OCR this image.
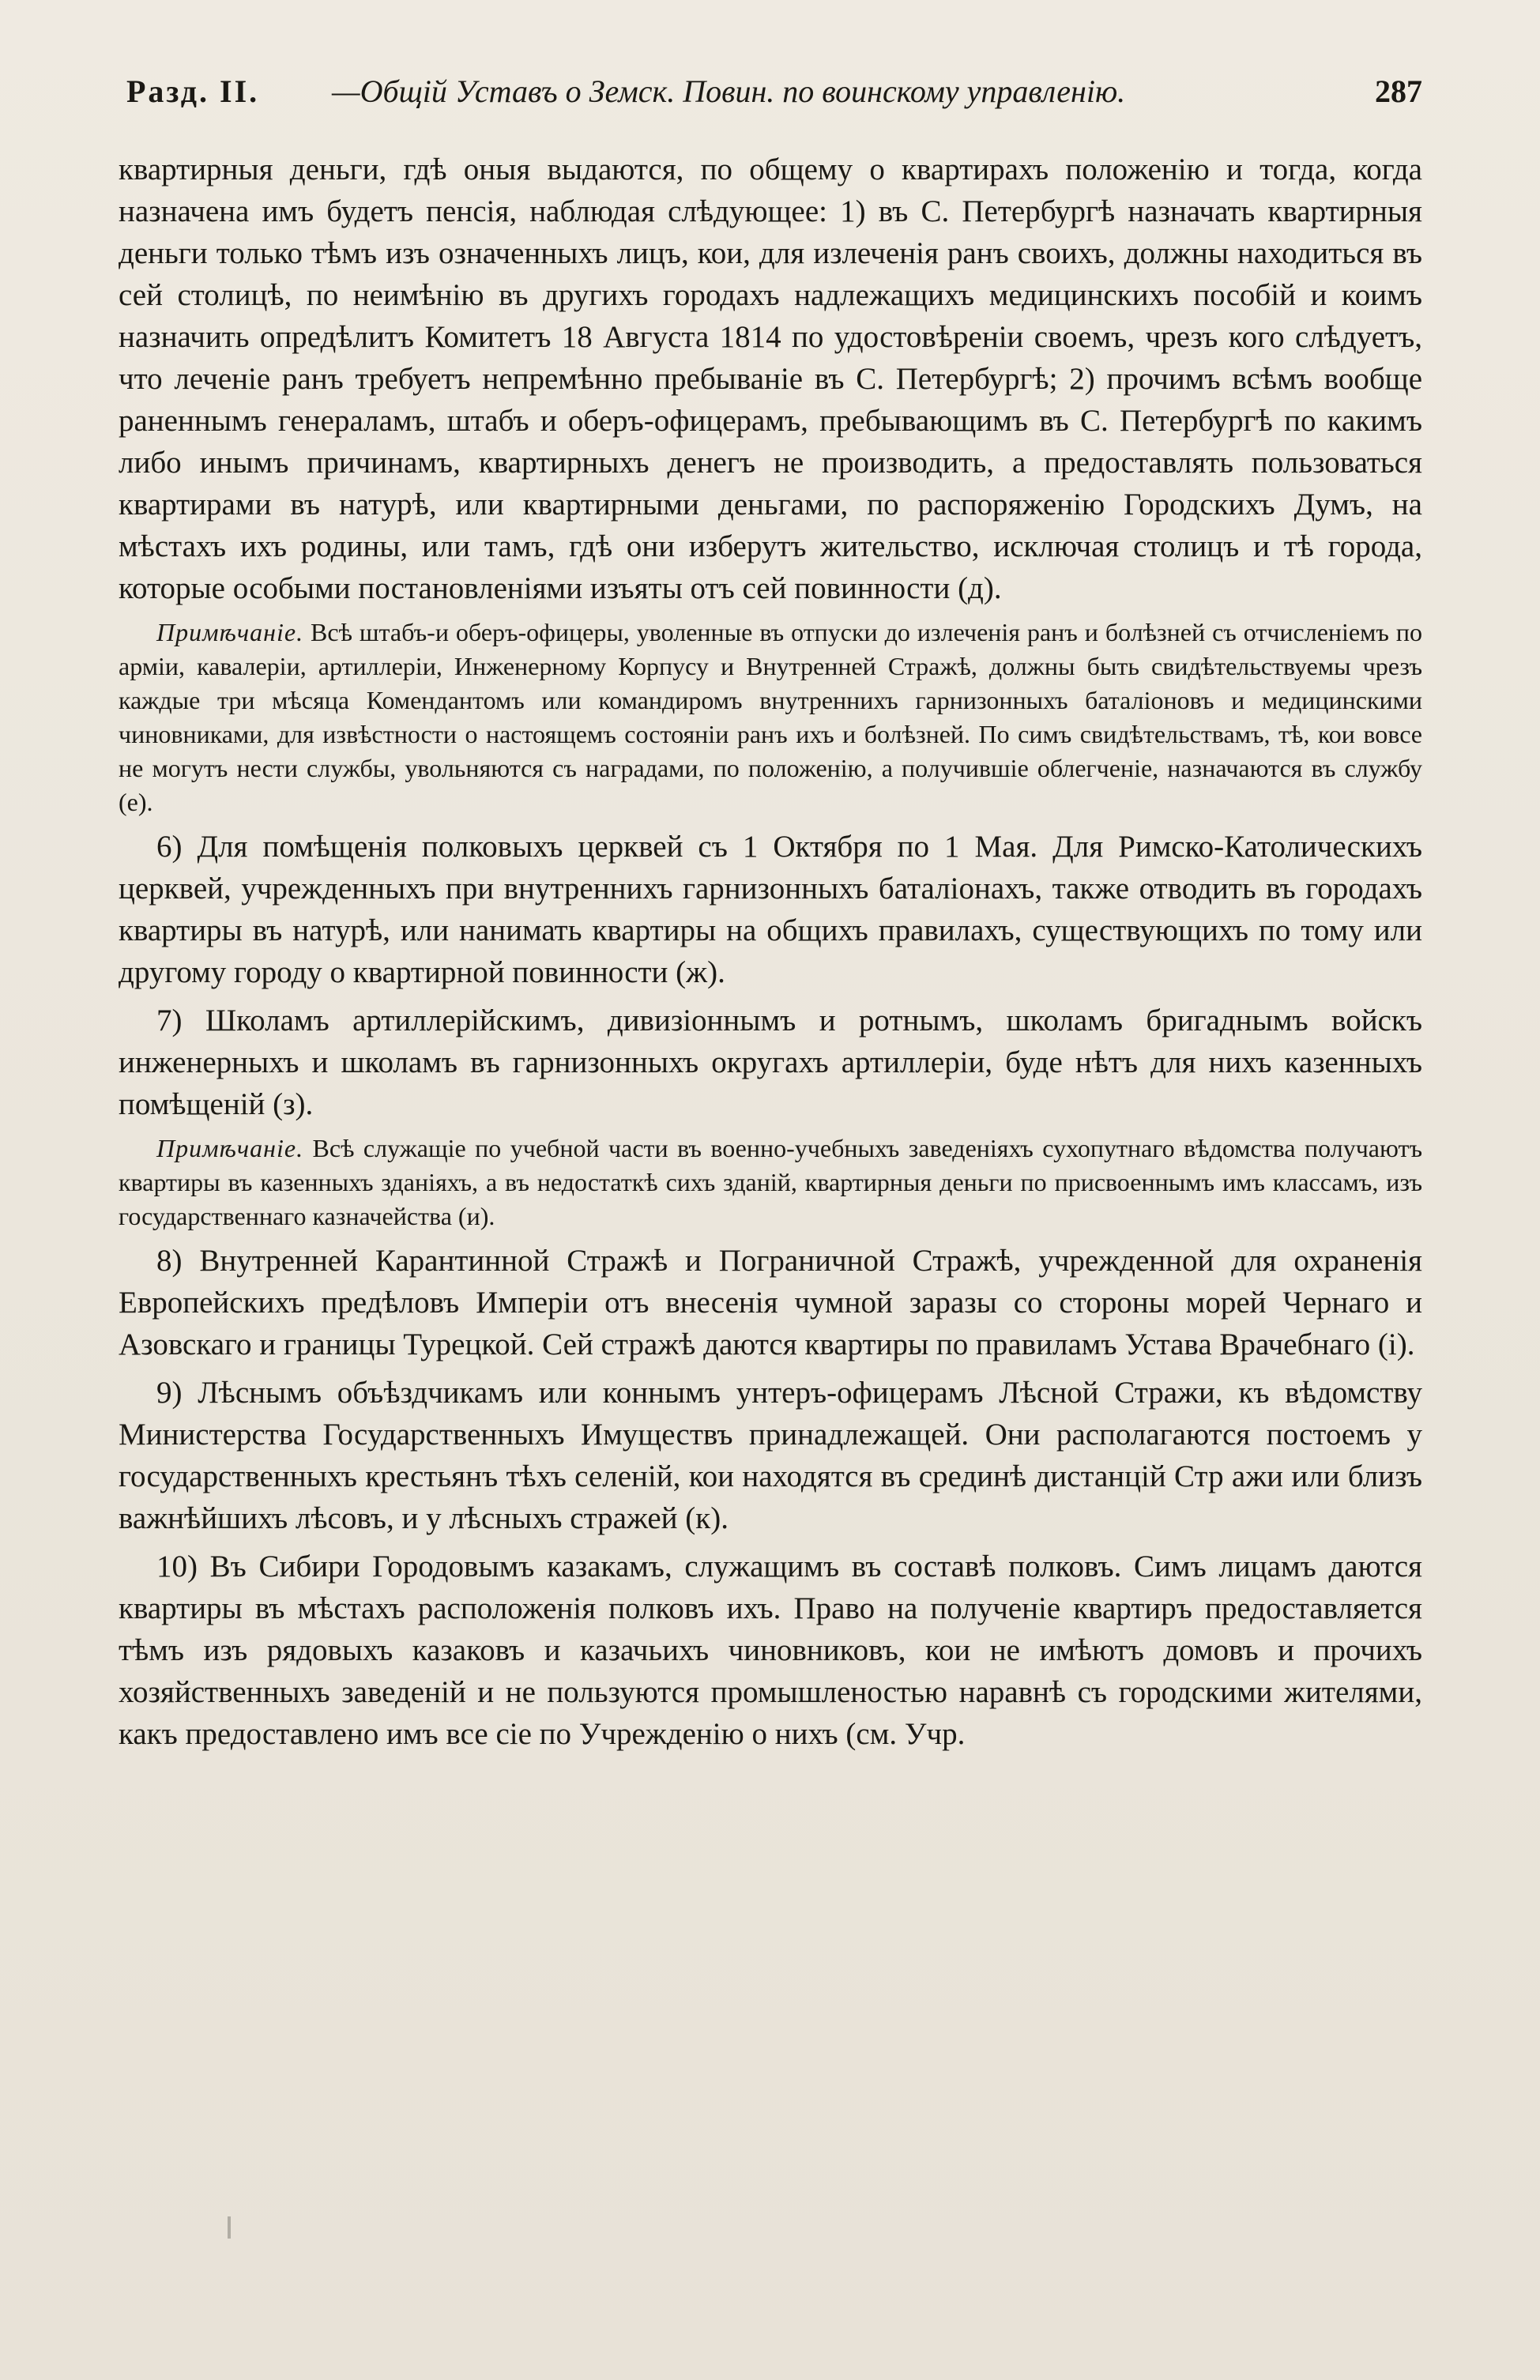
Разд. II. —Общій Уставъ о Земск. Повин. по воинскому управленію.	287

квартирныя деньги, гдѣ оныя выдаются, по общему о квартирахъ положенію и тогда, когда назначена имъ будетъ пенсія, наблюдая слѣдующее: 1) въ С. Петербургѣ назначать квартирныя деньги только тѣмъ изъ означенныхъ лицъ, кои, для излеченія ранъ своихъ, должны находиться въ сей столицѣ, по неимѣнію въ другихъ городахъ надлежащихъ медицинскихъ пособій и коимъ назначить опредѣлитъ Комитетъ 18 Августа 1814 по удостовѣреніи своемъ, чрезъ кого слѣдуетъ, что леченіе ранъ требуетъ непремѣнно пребываніе въ С. Петербургѣ; 2) прочимъ всѣмъ вообще раненнымъ генераламъ, штабъ и оберъ-офицерамъ, пребывающимъ въ С. Петербургѣ по какимъ либо инымъ причинамъ, квартирныхъ денегъ не производить, а предоставлять пользоваться квартирами въ натурѣ, или квартирными деньгами, по распоряженію Городскихъ Думъ, на мѣстахъ ихъ родины, или тамъ, гдѣ они изберутъ жительство, исключая столицъ и тѣ города, которые особыми постановленіями изъяты отъ сей повинности (д).

Примѣчаніе. Всѣ штабъ-и оберъ-офицеры, уволенные въ отпуски до излеченія ранъ и болѣзней съ отчисленіемъ по арміи, кавалеріи, артиллеріи, Инженерному Корпусу и Внутренней Стражѣ, должны быть свидѣтельствуемы чрезъ каждые три мѣсяца Комендантомъ или командиромъ внутреннихъ гарнизонныхъ баталіоновъ и медицинскими чиновниками, для извѣстности о настоящемъ состояніи ранъ ихъ и болѣзней. По симъ свидѣтельствамъ, тѣ, кои вовсе не могутъ нести службы, увольняются съ наградами, по положенію, а получившіе облегченіе, назначаются въ службу (е).

6) Для помѣщенія полковыхъ церквей съ 1 Октября по 1 Мая. Для Римско-Католическихъ церквей, учрежденныхъ при внутреннихъ гарнизонныхъ баталіонахъ, также отводить въ городахъ квартиры въ натурѣ, или нанимать квартиры на общихъ правилахъ, существующихъ по тому или другому городу о квартирной повинности (ж).

7) Школамъ артиллерійскимъ, дивизіоннымъ и ротнымъ, школамъ бригаднымъ войскъ инженерныхъ и школамъ въ гарнизонныхъ округахъ артиллеріи, буде нѣтъ для нихъ казенныхъ помѣщеній (з).

Примѣчаніе. Всѣ служащіе по учебной части въ военно-учебныхъ заведеніяхъ сухопутнаго вѣдомства получаютъ квартиры въ казенныхъ зданіяхъ, а въ недостаткѣ сихъ зданій, квартирныя деньги по присвоеннымъ имъ классамъ, изъ государственнаго казначейства (и).

8) Внутренней Карантинной Стражѣ и Пограничной Стражѣ, учрежденной для охраненія Европейскихъ предѣловъ Имперіи отъ внесенія чумной заразы со стороны морей Чернаго и Азовскаго и границы Турецкой. Сей стражѣ даются квартиры по правиламъ Устава Врачебнаго (і).

9) Лѣснымъ объѣздчикамъ или коннымъ унтеръ-офицерамъ Лѣсной Стражи, къ вѣдомству Министерства Государственныхъ Имуществъ принадлежащей. Они располагаются постоемъ у государственныхъ крестьянъ тѣхъ селеній, кои находятся въ срединѣ дистанцій Стр ажи или близъ важнѣйшихъ лѣсовъ, и у лѣсныхъ стражей (к).

10) Въ Сибири Городовымъ казакамъ, служащимъ въ составѣ полковъ. Симъ лицамъ даются квартиры въ мѣстахъ расположенія полковъ ихъ. Право на полученіе квартиръ предоставляется тѣмъ изъ рядовыхъ казаковъ и казачьихъ чиновниковъ, кои не имѣютъ домовъ и прочихъ хозяйственныхъ заведеній и не пользуются промышленостью наравнѣ съ городскими жителями, какъ предоставлено имъ все сіе по Учрежденію о нихъ (см. Учр.
